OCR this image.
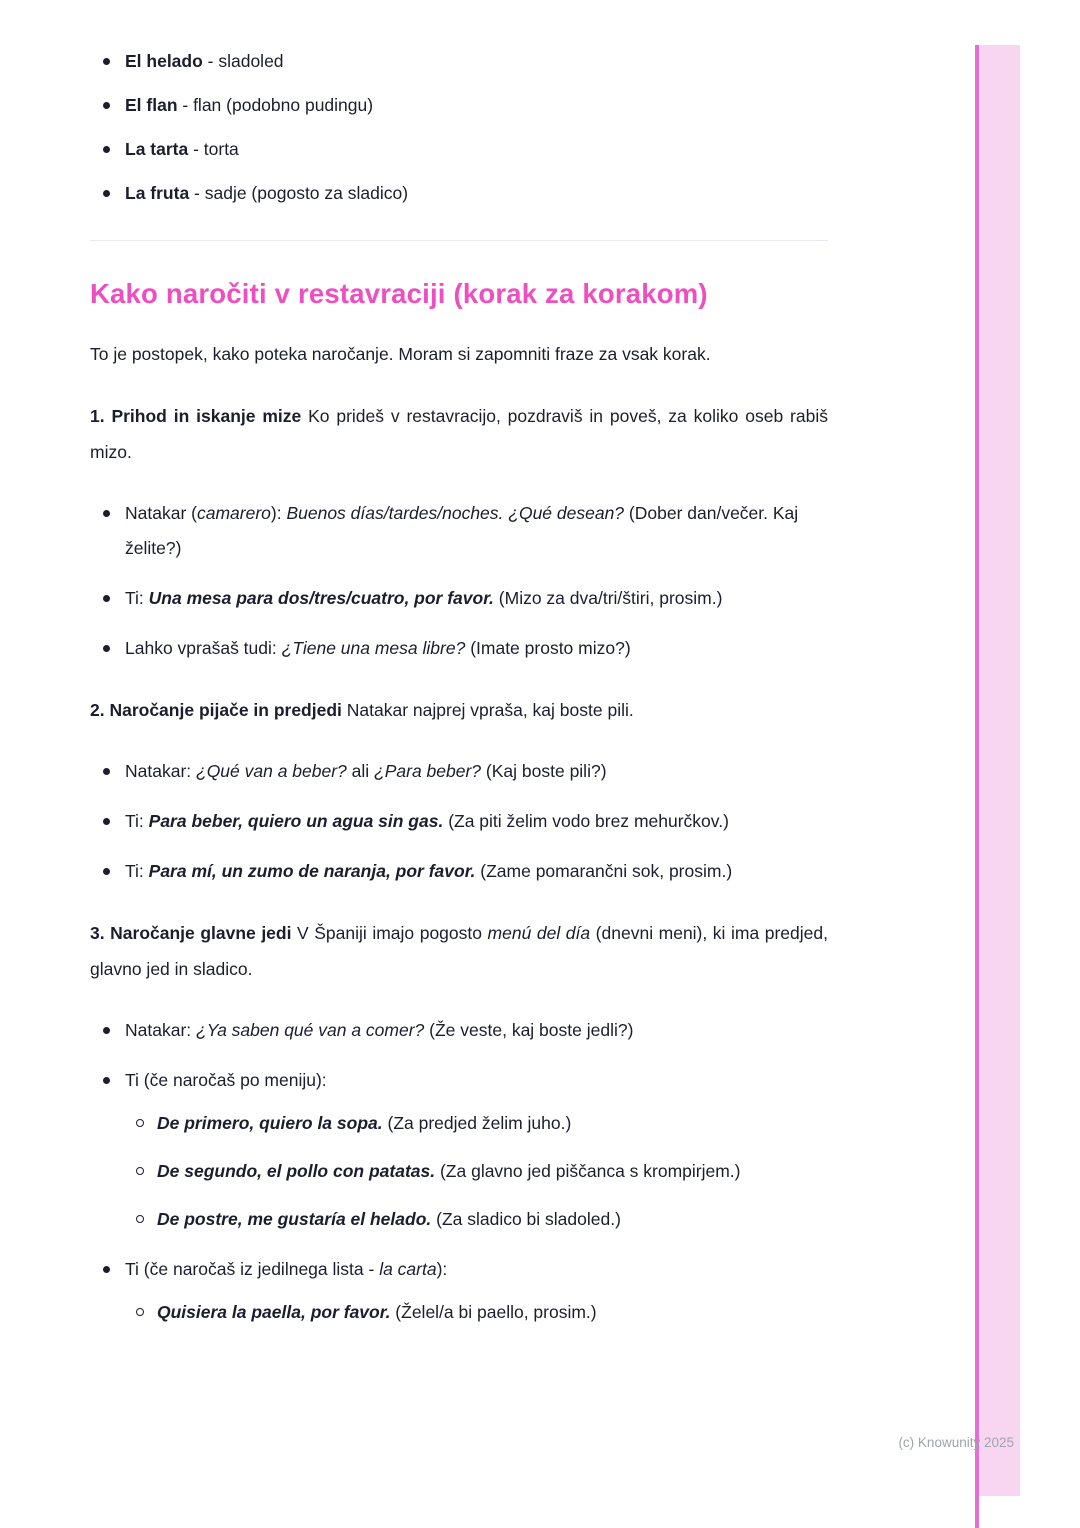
El helado - sladoled
El flan - flan (podobno pudingu)
La tarta - torta
La fruta - sadje (pogosto za sladico)
Kako naročiti v restavraciji (korak za korakom)

To je postopek, kako poteka naročanje. Moram si zapomniti fraze za vsak korak.

1. Prihod in iskanje mize Ko prideš v restavracijo, pozdraviš in poveš, za koliko oseb rabiš mizo.

Natakar (camarero): Buenos días/tardes/noches. ¿Qué desean? (Dober dan/večer. Kaj želite?)
Ti: Una mesa para dos/tres/cuatro, por favor. (Mizo za dva/tri/štiri, prosim.)
Lahko vprašaš tudi: ¿Tiene una mesa libre? (Imate prosto mizo?)

2. Naročanje pijače in predjedi Natakar najprej vpraša, kaj boste pili.

Natakar: ¿Qué van a beber? ali ¿Para beber? (Kaj boste pili?)
Ti: Para beber, quiero un agua sin gas. (Za piti želim vodo brez mehurčkov.)
Ti: Para mí, un zumo de naranja, por favor. (Zame pomarančni sok, prosim.)

3. Naročanje glavne jedi V Španiji imajo pogosto menú del día (dnevni meni), ki ima predjed, glavno jed in sladico.

Natakar: ¿Ya saben qué van a comer? (Že veste, kaj boste jedli?)
Ti (če naročaš po meniju):
De primero, quiero la sopa. (Za predjed želim juho.)
De segundo, el pollo con patatas. (Za glavno jed piščanca s krompirjem.)
De postre, me gustaría el helado. (Za sladico bi sladoled.)
Ti (če naročaš iz jedilnega lista - la carta):
Quisiera la paella, por favor. (Želel/a bi paello, prosim.)
(c) Knowunity 2025
